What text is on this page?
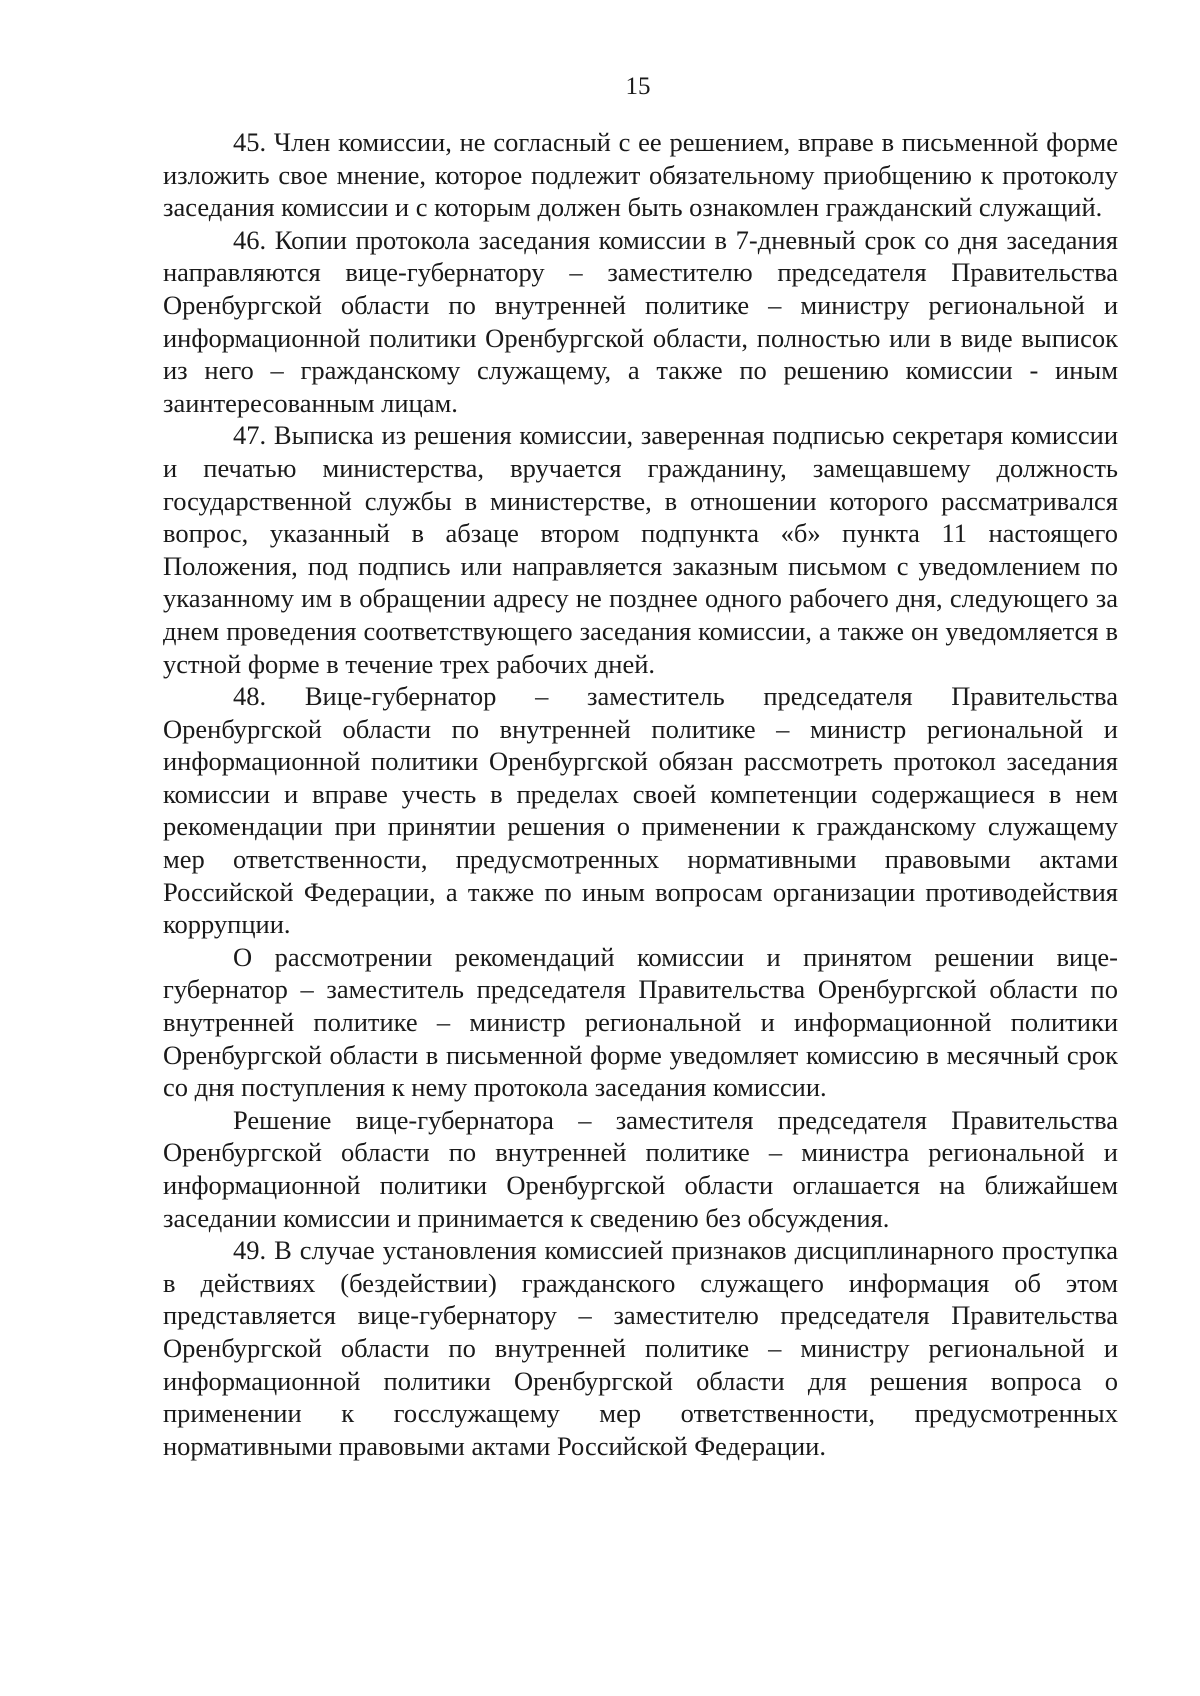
15

45. Член комиссии, не согласный с ее решением, вправе в письменной форме изложить свое мнение, которое подлежит обязательному приобщению к протоколу заседания комиссии и с которым должен быть ознакомлен гражданский служащий.

46. Копии протокола заседания комиссии в 7-дневный срок со дня заседания направляются вице-губернатору – заместителю председателя Правительства Оренбургской области по внутренней политике – министру региональной и информационной политики Оренбургской области, полностью или в виде выписок из него – гражданскому служащему, а также по решению комиссии - иным заинтересованным лицам.

47. Выписка из решения комиссии, заверенная подписью секретаря комиссии и печатью министерства, вручается гражданину, замещавшему должность государственной службы в министерстве, в отношении которого рассматривался вопрос, указанный в абзаце втором подпункта «б» пункта 11 настоящего Положения, под подпись или направляется заказным письмом с уведомлением по указанному им в обращении адресу не позднее одного рабочего дня, следующего за днем проведения соответствующего заседания комиссии, а также он уведомляется в устной форме в течение трех рабочих дней.

48. Вице-губернатор – заместитель председателя Правительства Оренбургской области по внутренней политике – министр региональной и информационной политики Оренбургской обязан рассмотреть протокол заседания комиссии и вправе учесть в пределах своей компетенции содержащиеся в нем рекомендации при принятии решения о применении к гражданскому служащему мер ответственности, предусмотренных нормативными правовыми актами Российской Федерации, а также по иным вопросам организации противодействия коррупции.

О рассмотрении рекомендаций комиссии и принятом решении вице-губернатор – заместитель председателя Правительства Оренбургской области по внутренней политике – министр региональной и информационной политики Оренбургской области в письменной форме уведомляет комиссию в месячный срок со дня поступления к нему протокола заседания комиссии.

Решение вице-губернатора – заместителя председателя Правительства Оренбургской области по внутренней политике – министра региональной и информационной политики Оренбургской области оглашается на ближайшем заседании комиссии и принимается к сведению без обсуждения.

49. В случае установления комиссией признаков дисциплинарного проступка в действиях (бездействии) гражданского служащего информация об этом представляется вице-губернатору – заместителю председателя Правительства Оренбургской области по внутренней политике – министру региональной и информационной политики Оренбургской области для решения вопроса о применении к госслужащему мер ответственности, предусмотренных нормативными правовыми актами Российской Федерации.
